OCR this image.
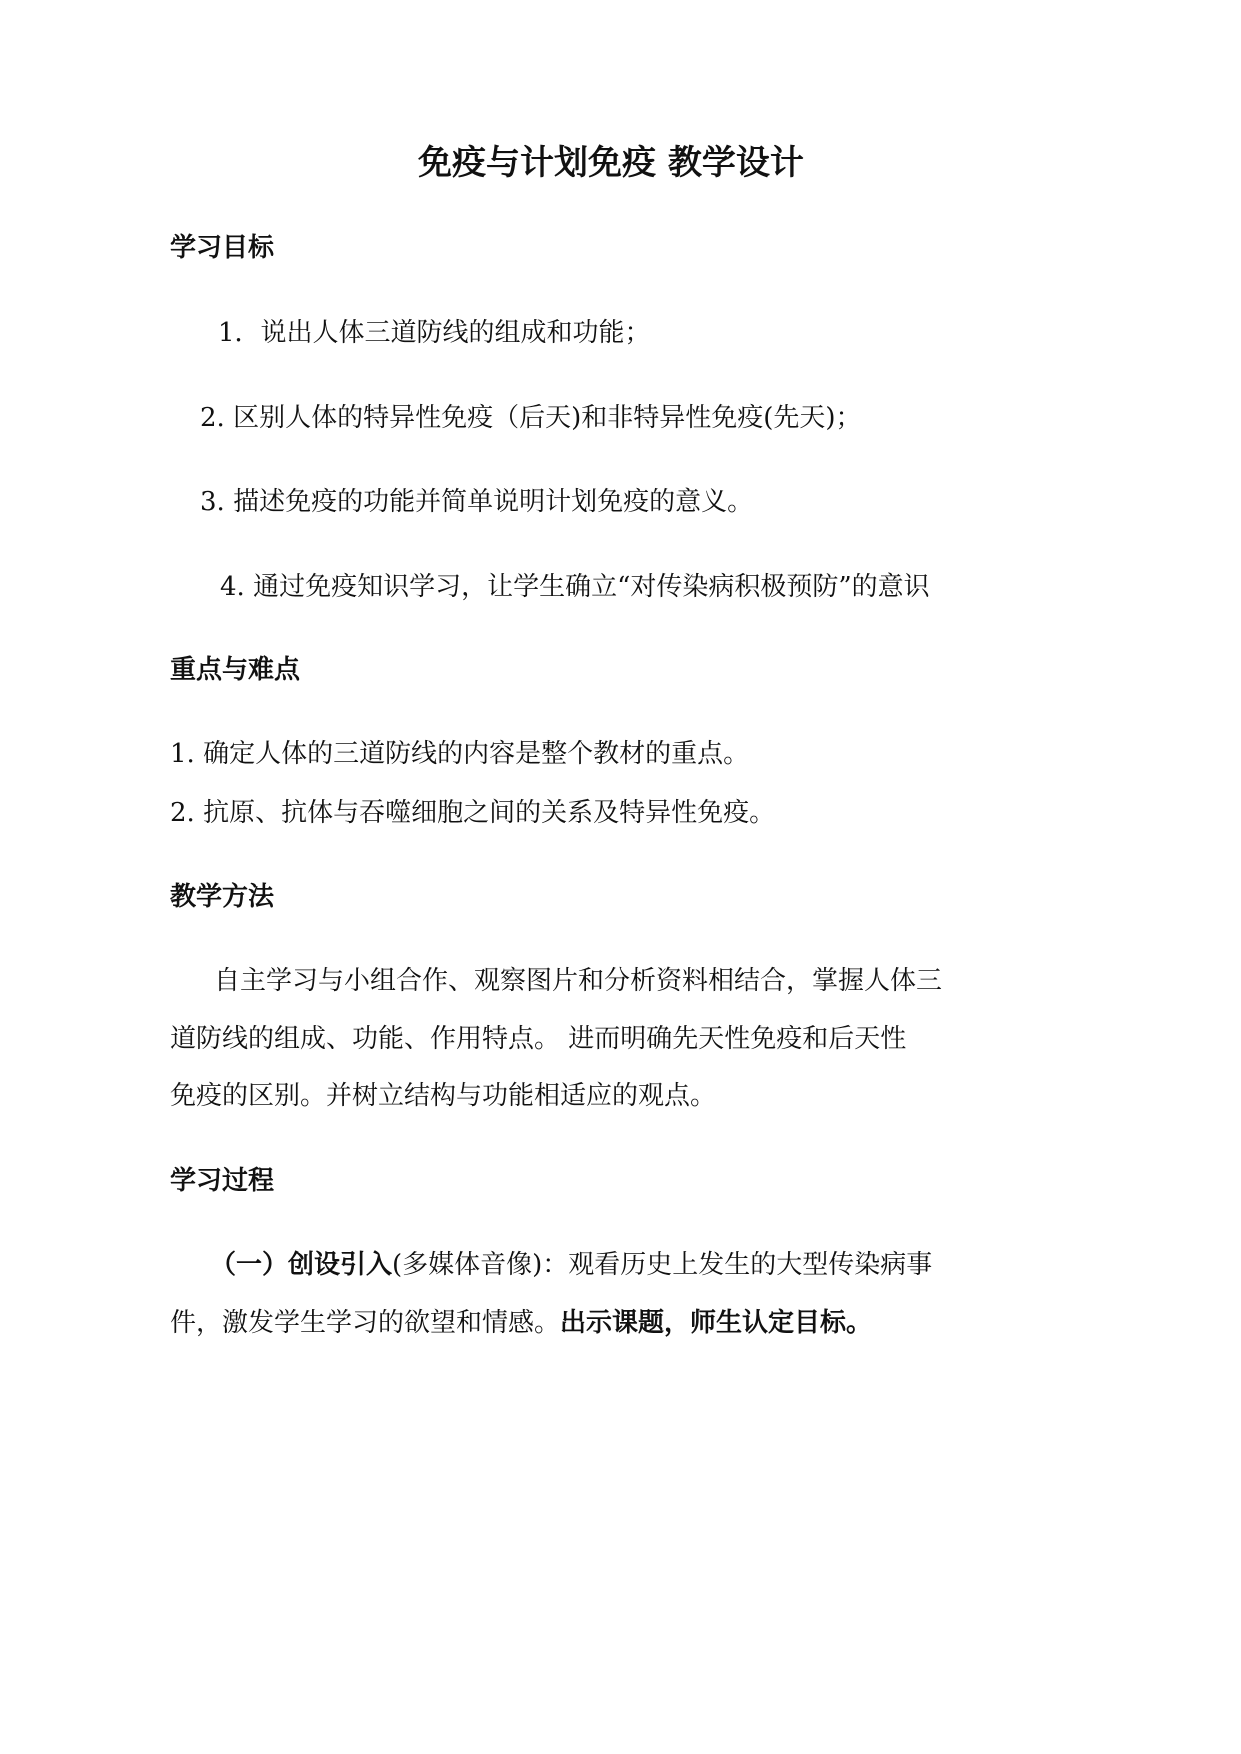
免疫与计划免疫 教学设计
学习目标
1．说出人体三道防线的组成和功能；
2. 区别人体的特异性免疫（后天)和非特异性免疫(先天)；
3. 描述免疫的功能并简单说明计划免疫的意义。
4. 通过免疫知识学习，让学生确立“对传染病积极预防”的意识
重点与难点
1. 确定人体的三道防线的内容是整个教材的重点。
2. 抗原、抗体与吞噬细胞之间的关系及特异性免疫。
教学方法
自主学习与小组合作、观察图片和分析资料相结合，掌握人体三
道防线的组成、功能、作用特点。 进而明确先天性免疫和后天性
免疫的区别。并树立结构与功能相适应的观点。
学习过程
（一）创设引入(多媒体音像)：观看历史上发生的大型传染病事
件，激发学生学习的欲望和情感。出示课题，师生认定目标。
